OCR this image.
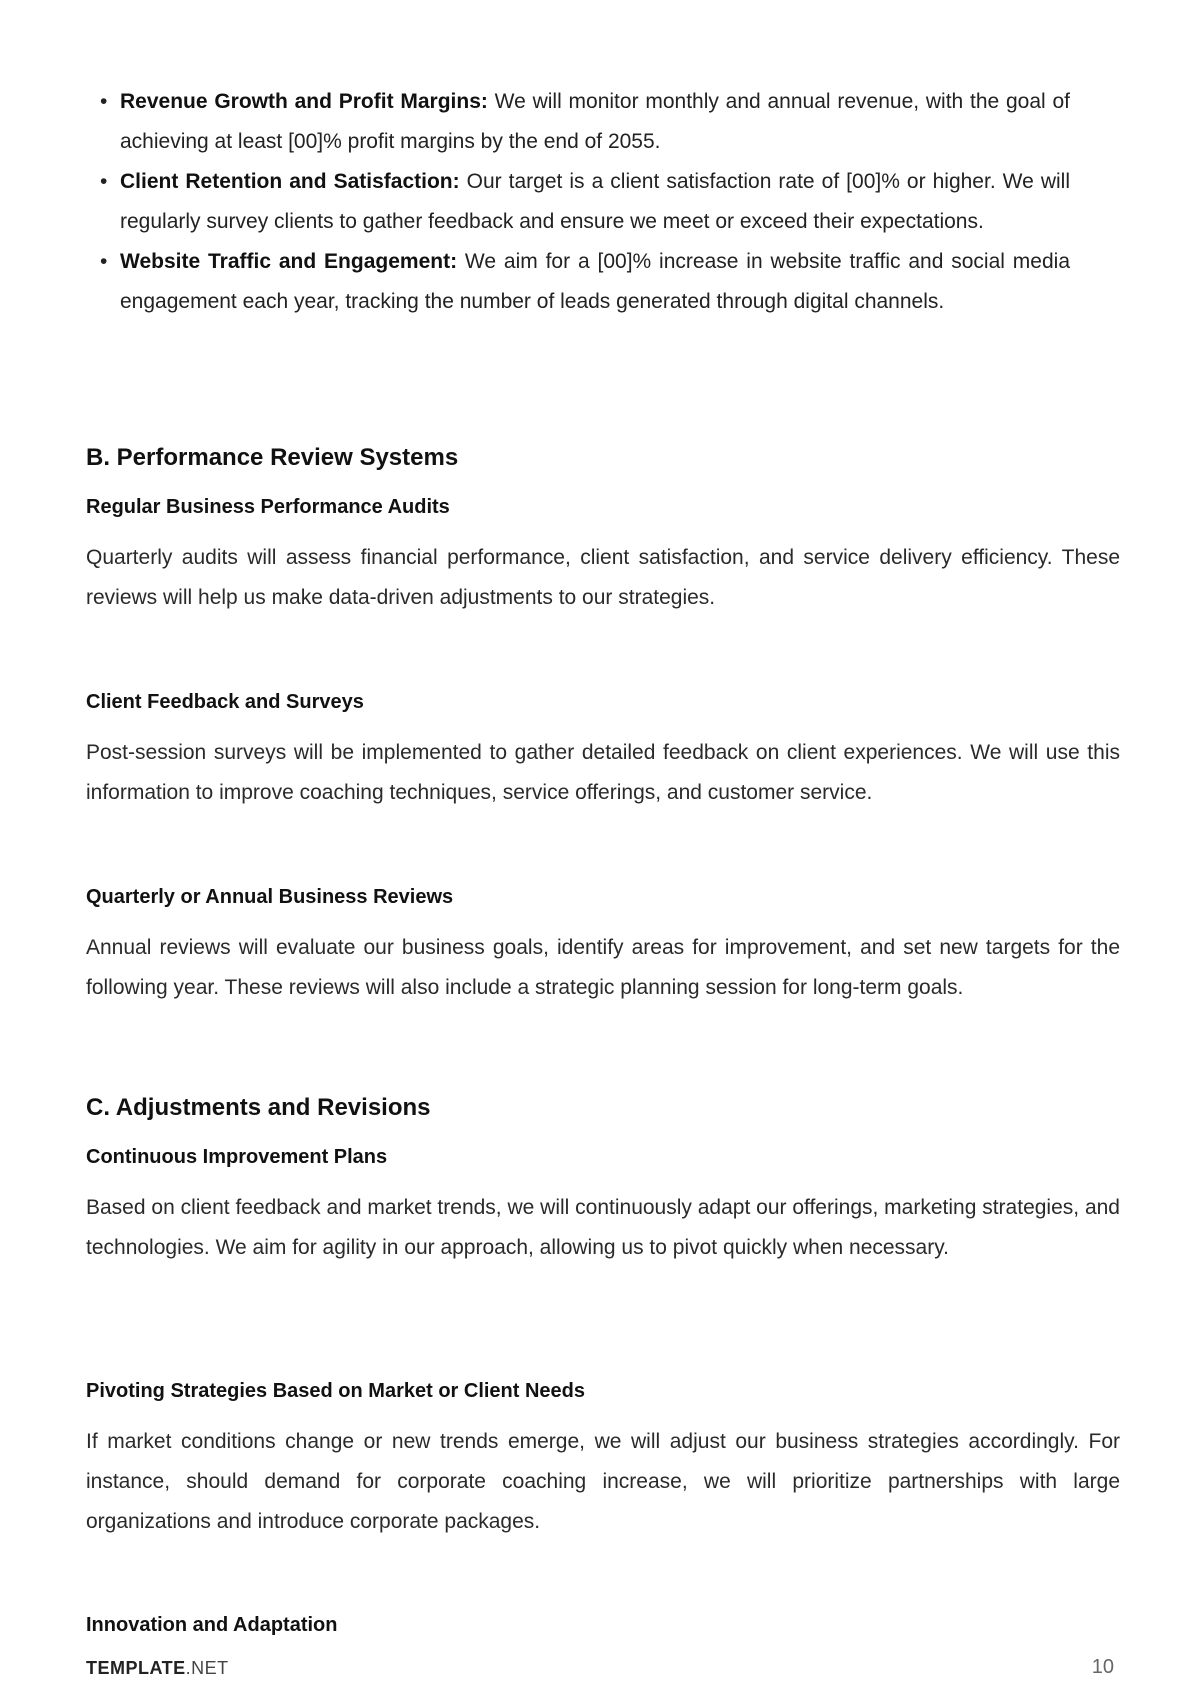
• Revenue Growth and Profit Margins: We will monitor monthly and annual revenue, with the goal of achieving at least [00]% profit margins by the end of 2055.
• Client Retention and Satisfaction: Our target is a client satisfaction rate of [00]% or higher. We will regularly survey clients to gather feedback and ensure we meet or exceed their expectations.
• Website Traffic and Engagement: We aim for a [00]% increase in website traffic and social media engagement each year, tracking the number of leads generated through digital channels.
B. Performance Review Systems
Regular Business Performance Audits

Quarterly audits will assess financial performance, client satisfaction, and service delivery efficiency. These reviews will help us make data-driven adjustments to our strategies.

Client Feedback and Surveys

Post-session surveys will be implemented to gather detailed feedback on client experiences. We will use this information to improve coaching techniques, service offerings, and customer service.

Quarterly or Annual Business Reviews

Annual reviews will evaluate our business goals, identify areas for improvement, and set new targets for the following year. These reviews will also include a strategic planning session for long-term goals.

C. Adjustments and Revisions
Continuous Improvement Plans

Based on client feedback and market trends, we will continuously adapt our offerings, marketing strategies, and technologies. We aim for agility in our approach, allowing us to pivot quickly when necessary.

Pivoting Strategies Based on Market or Client Needs

If market conditions change or new trends emerge, we will adjust our business strategies accordingly. For instance, should demand for corporate coaching increase, we will prioritize partnerships with large organizations and introduce corporate packages.

Innovation and Adaptation
TEMPLATE.NET	10
